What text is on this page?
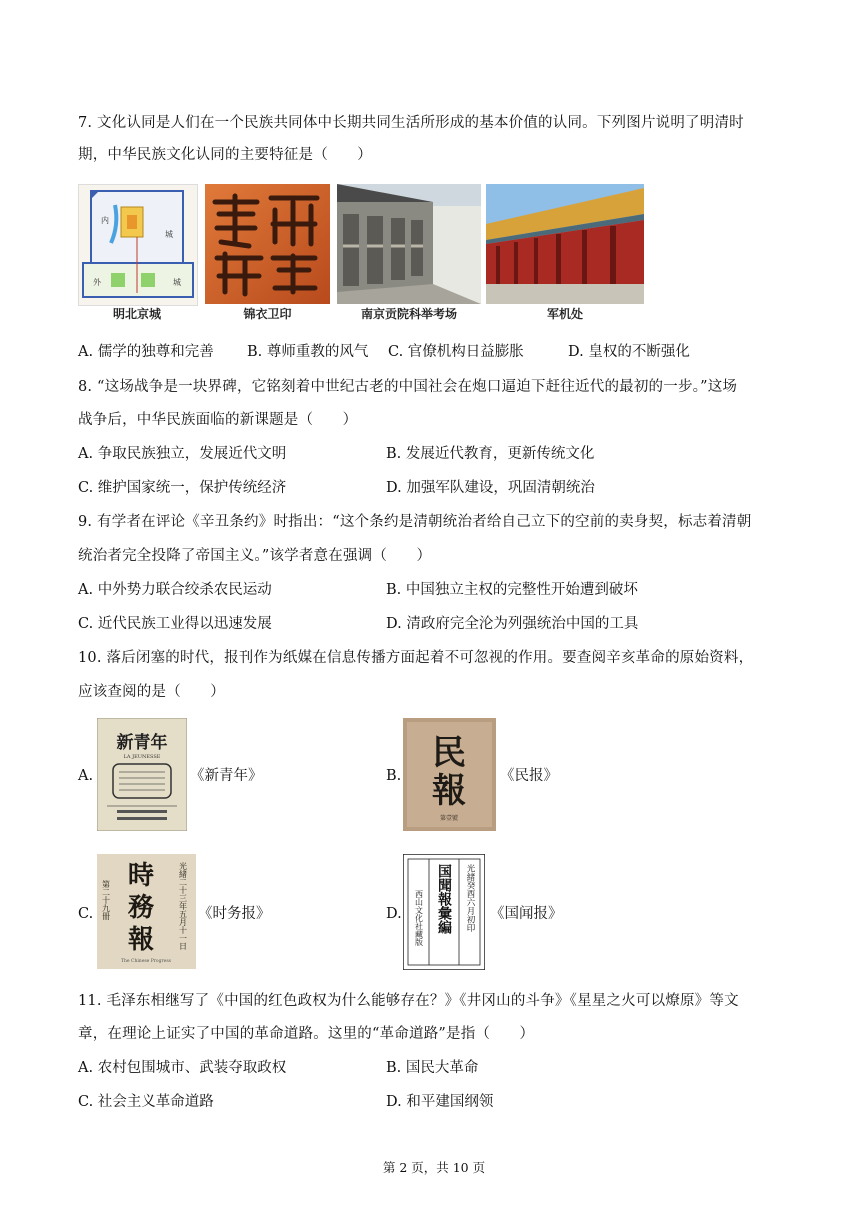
7. 文化认同是人们在一个民族共同体中长期共同生活所形成的基本价值的认同。下列图片说明了明清时
期，中华民族文化认同的主要特征是（　　）
内
城
外	城
明北京城	锦衣卫印	南京贡院科举考场	军机处
A. 儒学的独尊和完善 B. 尊师重教的风气 C. 官僚机构日益膨胀	D. 皇权的不断强化
8. “这场战争是一块界碑，它铭刻着中世纪古老的中国社会在炮口逼迫下赶往近代的最初的一步。”这场
战争后，中华民族面临的新课题是（　　）
A. 争取民族独立，发展近代文明	B. 发展近代教育，更新传统文化
C. 维护国家统一，保护传统经济	D. 加强军队建设，巩固清朝统治
9. 有学者在评论《辛丑条约》时指出：“这个条约是清朝统治者给自己立下的空前的卖身契，标志着清朝
统治者完全投降了帝国主义。”该学者意在强调（　　）
A. 中外势力联合绞杀农民运动	B. 中国独立主权的完整性开始遭到破坏
C. 近代民族工业得以迅速发展	D. 清政府完全沦为列强统治中国的工具
10. 落后闭塞的时代，报刊作为纸媒在信息传播方面起着不可忽视的作用。要查阅辛亥革命的原始资料，
应该查阅的是（　　）
A.
新青年
LA JEUNESSE
《新青年》	B.
民
報
第壹號
《民报》
C.
時
務
報	光緒二十三年五月十一日
第二十九冊
The Chinese Progress
《时务报》	D. 国聞報彙編 光緒癸酉六月初印
西山文化社藏版	《国闻报》
11. 毛泽东相继写了《中国的红色政权为什么能够存在？》《井冈山的斗争》《星星之火可以燎原》等文
章，在理论上证实了中国的革命道路。这里的“革命道路”是指（　　）
A. 农村包围城市、武装夺取政权	B. 国民大革命
C. 社会主义革命道路	D. 和平建国纲领
第 2 页，共 10 页
